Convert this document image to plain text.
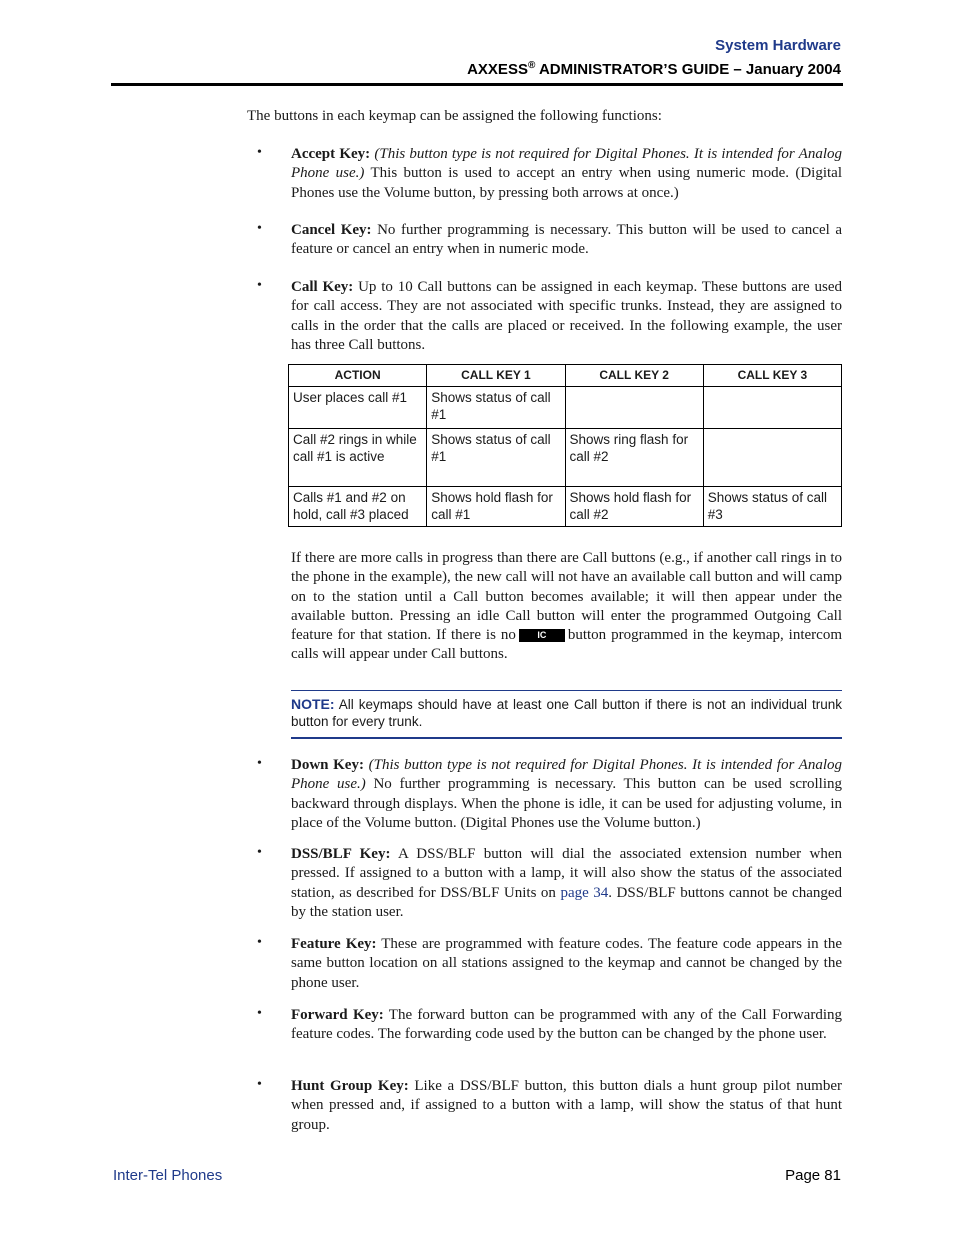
System Hardware
AXXESS® ADMINISTRATOR’S GUIDE – January 2004
The buttons in each keymap can be assigned the following functions:
• Accept Key: (This button type is not required for Digital Phones. It is intended for Analog Phone use.) This button is used to accept an entry when using numeric mode. (Digital Phones use the Volume button, by pressing both arrows at once.)
• Cancel Key: No further programming is necessary. This button will be used to cancel a feature or cancel an entry when in numeric mode.
• Call Key: Up to 10 Call buttons can be assigned in each keymap. These buttons are used for call access. They are not associated with specific trunks. Instead, they are assigned to calls in the order that the calls are placed or received. In the following example, the user has three Call buttons.
ACTION	CALL KEY 1	CALL KEY 2	CALL KEY 3
User places call #1	Shows status of call #1		
Call #2 rings in while call #1 is active	Shows status of call #1	Shows ring flash for call #2	
Calls #1 and #2 on hold, call #3 placed	Shows hold flash for call #1	Shows hold flash for call #2	Shows status of call #3
If there are more calls in progress than there are Call buttons (e.g., if another call rings in to the phone in the example), the new call will not have an available call button and will camp on to the station until a Call button becomes available; it will then appear under the available button. Pressing an idle Call button will enter the programmed Outgoing Call feature for that station. If there is no IC button programmed in the keymap, intercom calls will appear under Call buttons.
NOTE: All keymaps should have at least one Call button if there is not an individual trunk button for every trunk.
• Down Key: (This button type is not required for Digital Phones. It is intended for Analog Phone use.) No further programming is necessary. This button can be used scrolling backward through displays. When the phone is idle, it can be used for adjusting volume, in place of the Volume button. (Digital Phones use the Volume button.)
• DSS/BLF Key: A DSS/BLF button will dial the associated extension number when pressed. If assigned to a button with a lamp, it will also show the status of the associated station, as described for DSS/BLF Units on page 34. DSS/BLF buttons cannot be changed by the station user.
• Feature Key: These are programmed with feature codes. The feature code appears in the same button location on all stations assigned to the keymap and cannot be changed by the phone user.
• Forward Key: The forward button can be programmed with any of the Call Forwarding feature codes. The forwarding code used by the button can be changed by the phone user.
• Hunt Group Key: Like a DSS/BLF button, this button dials a hunt group pilot number when pressed and, if assigned to a button with a lamp, will show the status of that hunt group.
Inter-Tel Phones	Page 81
